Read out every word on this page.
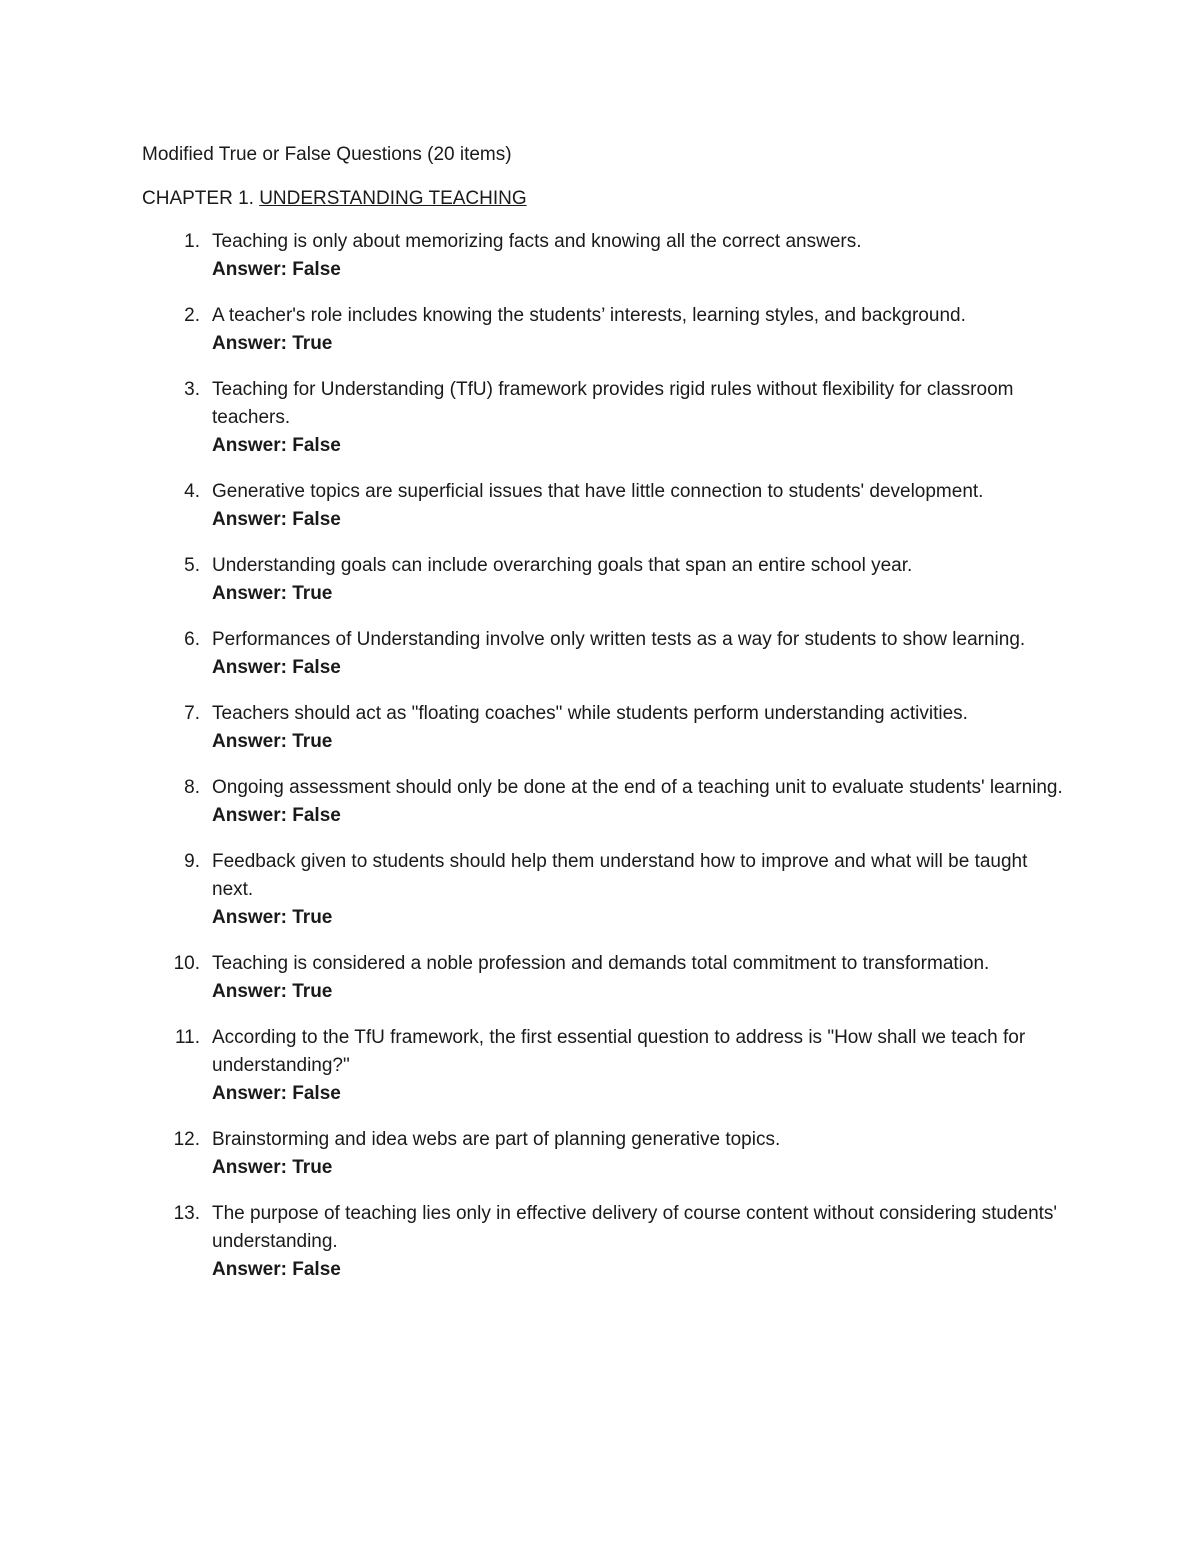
Modified True or False Questions (20 items)
CHAPTER 1. UNDERSTANDING TEACHING
1. Teaching is only about memorizing facts and knowing all the correct answers.
Answer: False
2. A teacher's role includes knowing the students’ interests, learning styles, and background.
Answer: True
3. Teaching for Understanding (TfU) framework provides rigid rules without flexibility for classroom teachers.
Answer: False
4. Generative topics are superficial issues that have little connection to students' development.
Answer: False
5. Understanding goals can include overarching goals that span an entire school year.
Answer: True
6. Performances of Understanding involve only written tests as a way for students to show learning.
Answer: False
7. Teachers should act as "floating coaches" while students perform understanding activities.
Answer: True
8. Ongoing assessment should only be done at the end of a teaching unit to evaluate students' learning.
Answer: False
9. Feedback given to students should help them understand how to improve and what will be taught next.
Answer: True
10. Teaching is considered a noble profession and demands total commitment to transformation.
Answer: True
11. According to the TfU framework, the first essential question to address is "How shall we teach for understanding?"
Answer: False
12. Brainstorming and idea webs are part of planning generative topics.
Answer: True
13. The purpose of teaching lies only in effective delivery of course content without considering students' understanding.
Answer: False
